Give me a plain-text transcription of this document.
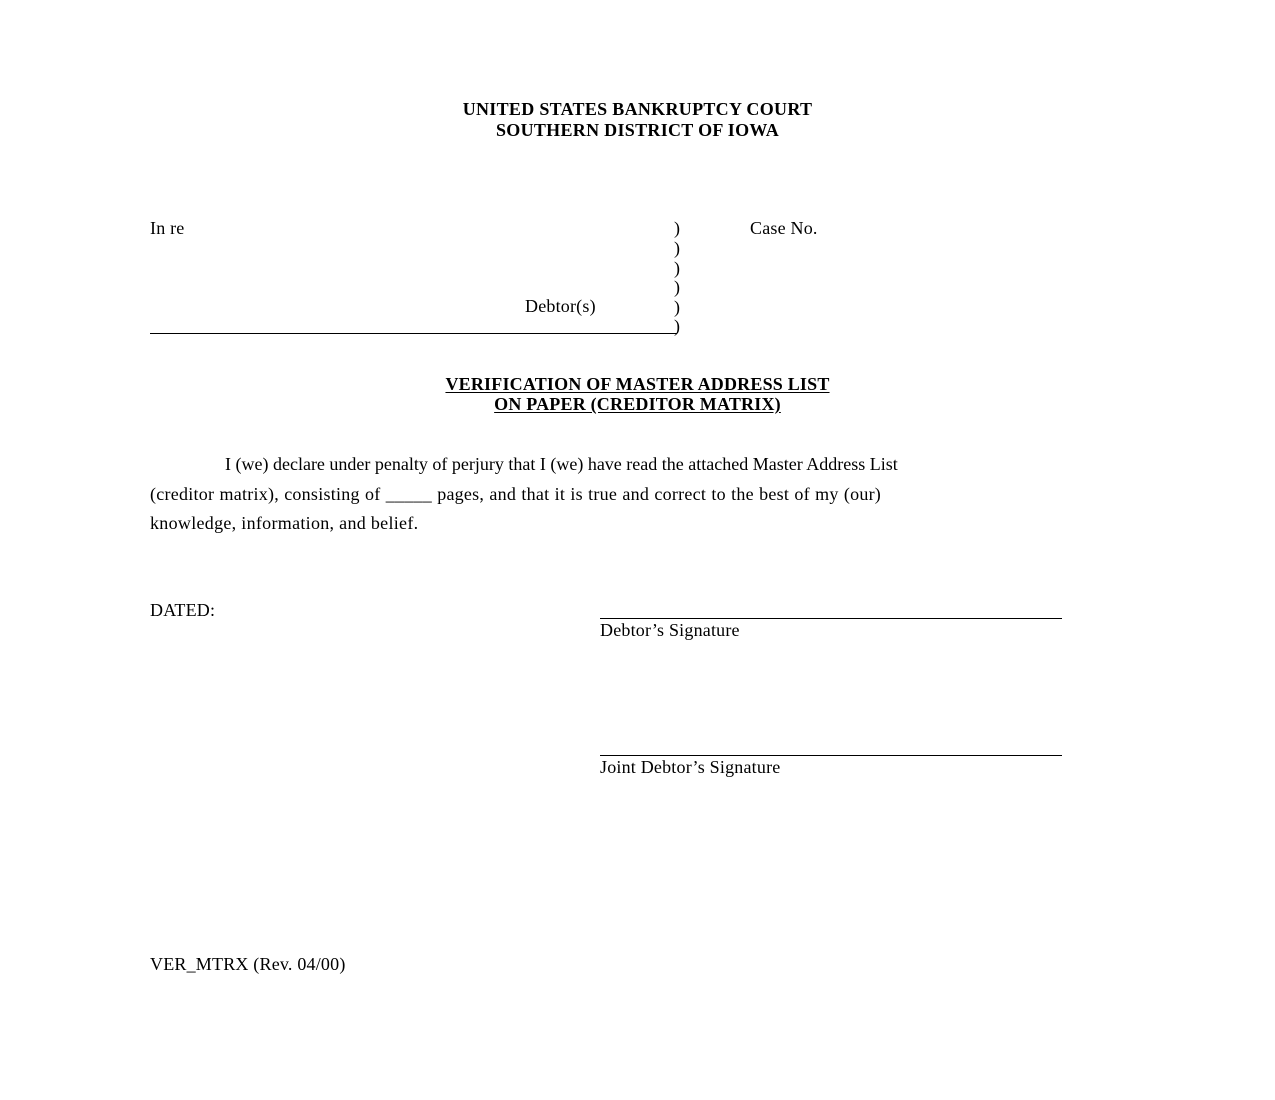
UNITED STATES BANKRUPTCY COURT
SOUTHERN DISTRICT OF IOWA
In re	Case No.
)
)
)
)
)
)
Debtor(s)
VERIFICATION OF MASTER ADDRESS LIST
ON PAPER (CREDITOR MATRIX)
I (we) declare under penalty of perjury that I (we) have read the attached Master Address List
(creditor matrix), consisting of _____ pages, and that it is true and correct to the best of my (our)
knowledge, information, and belief.
DATED:
Debtor’s Signature
Joint Debtor’s Signature
VER_MTRX (Rev. 04/00)
